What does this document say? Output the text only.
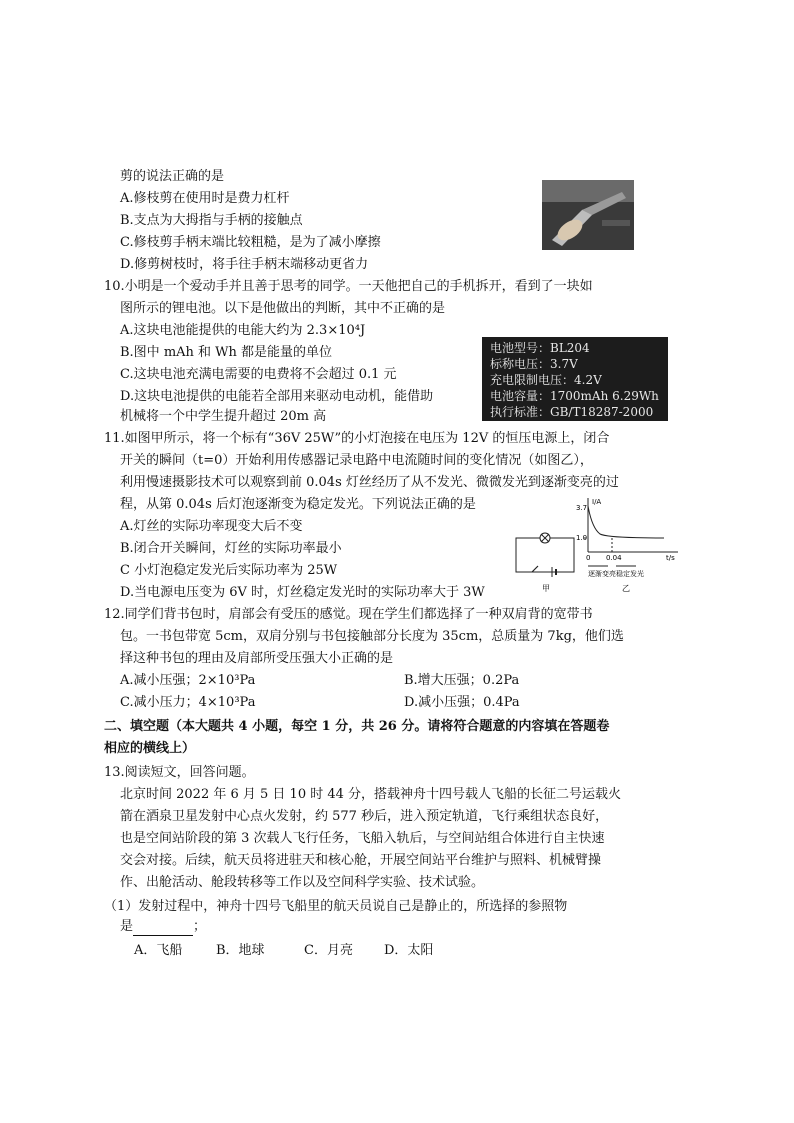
剪的说法正确的是
A.修枝剪在使用时是费力杠杆
B.支点为大拇指与手柄的接触点
C.修枝剪手柄末端比较粗糙，是为了减小摩擦
D.修剪树枝时，将手往手柄末端移动更省力
10.小明是一个爱动手并且善于思考的同学。一天他把自己的手机拆开，看到了一块如
图所示的锂电池。以下是他做出的判断，其中不正确的是
A.这块电池能提供的电能大约为 2.3×10⁴J
B.图中 mAh 和 Wh 都是能量的单位
C.这块电池充满电需要的电费将不会超过 0.1 元
D.这块电池提供的电能若全部用来驱动电动机，能借助
机械将一个中学生提升超过 20m 高
电池型号：BL204
标称电压：3.7V
充电限制电压：4.2V
电池容量：1700mAh 6.29Wh
执行标准：GB/T18287-2000
11.如图甲所示，将一个标有“36V 25W”的小灯泡接在电压为 12V 的恒压电源上，闭合
开关的瞬间（t=0）开始利用传感器记录电路中电流随时间的变化情况（如图乙），
利用慢速摄影技术可以观察到前 0.04s 灯丝经历了从不发光、微微发光到逐渐变亮的过
程，从第 0.04s 后灯泡逐渐变为稳定发光。下列说法正确的是
A.灯丝的实际功率现变大后不变
B.闭合开关瞬间，灯丝的实际功率最小
C 小灯泡稳定发光后实际功率为 25W
D.当电源电压变为 6V 时，灯丝稳定发光时的实际功率大于 3W	甲
I/A
3.7
1.0
0 0.04	t/s
逐渐变亮 稳定发光
乙
12.同学们背书包时，肩部会有受压的感觉。现在学生们都选择了一种双肩背的宽带书
包。一书包带宽 5cm，双肩分别与书包接触部分长度为 35cm，总质量为 7kg，他们选
择这种书包的理由及肩部所受压强大小正确的是
A.减小压强；2×10³Pa	B.增大压强；0.2Pa
C.减小压力；4×10³Pa	D.减小压强；0.4Pa
二、填空题（本大题共 4 小题，每空 1 分，共 26 分。请将符合题意的内容填在答题卷
相应的横线上）
13.阅读短文，回答问题。
北京时间 2022 年 6 月 5 日 10 时 44 分，搭载神舟十四号载人飞船的长征二号运载火
箭在酒泉卫星发射中心点火发射，约 577 秒后，进入预定轨道，飞行乘组状态良好，
也是空间站阶段的第 3 次载人飞行任务，飞船入轨后，与空间站组合体进行自主快速
交会对接。后续，航天员将进驻天和核心舱，开展空间站平台维护与照料、机械臂操
作、出舱活动、舱段转移等工作以及空间科学实验、技术试验。
（1）发射过程中，神舟十四号飞船里的航天员说自己是静止的，所选择的参照物
是	；
A．飞船	B．地球	C．月亮 D．太阳
